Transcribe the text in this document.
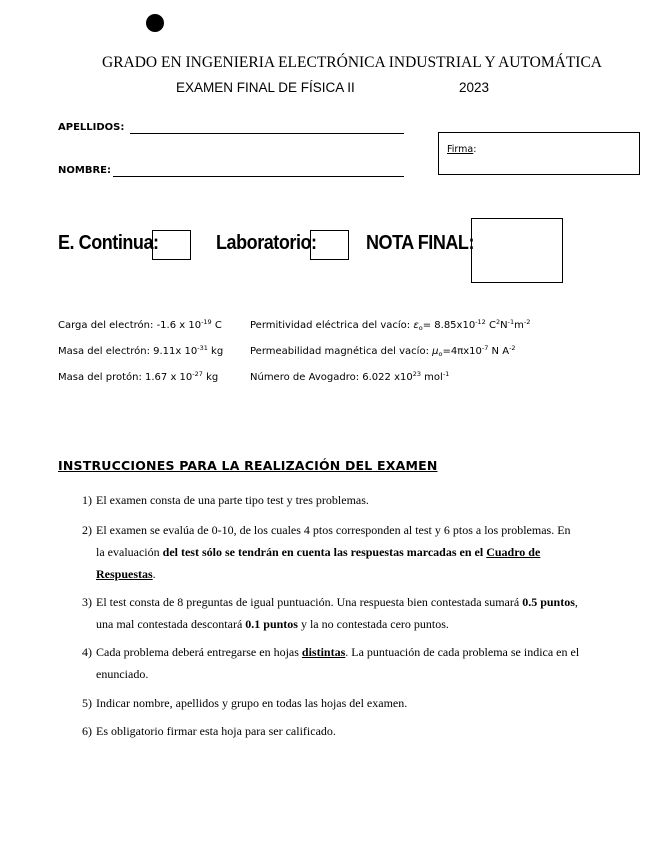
GRADO EN INGENIERIA ELECTRÓNICA INDUSTRIAL Y AUTOMÁTICA
EXAMEN FINAL DE FÍSICA II	2023
APELLIDOS:
NOMBRE:
Firma:
E. Continua:	Laboratorio: NOTA FINAL:
Carga del electrón: -1.6 x $10^{-19}$ C	Permitividad eléctrica del vacío: $\varepsilon_o= 8.85x10^{-12}$ $C^2N^{-1}m^{-2}$
Masa del electrón: 9.11x $10^{-31}$ kg	Permeabilidad magnética del vacío: $\mu_o=4\pi x10^{-7}$ N $A^{-2}$
Masa del protón: 1.67 x $10^{-27}$ kg	Número de Avogadro: 6.022 $x10^{23}$ mol$^{-1}$
INSTRUCCIONES PARA LA REALIZACIÓN DEL EXAMEN
1) El examen consta de una parte tipo test y tres problemas.
2) El examen se evalúa de 0-10, de los cuales 4 ptos corresponden al test y 6 ptos a los problemas. En
la evaluación del test sólo se tendrán en cuenta las respuestas marcadas en el Cuadro de
Respuestas.
3) El test consta de 8 preguntas de igual puntuación. Una respuesta bien contestada sumará 0.5 puntos,
una mal contestada descontará 0.1 puntos y la no contestada cero puntos.
4) Cada problema deberá entregarse en hojas distintas. La puntuación de cada problema se indica en el
enunciado.
5) Indicar nombre, apellidos y grupo en todas las hojas del examen.
6) Es obligatorio firmar esta hoja para ser calificado.
